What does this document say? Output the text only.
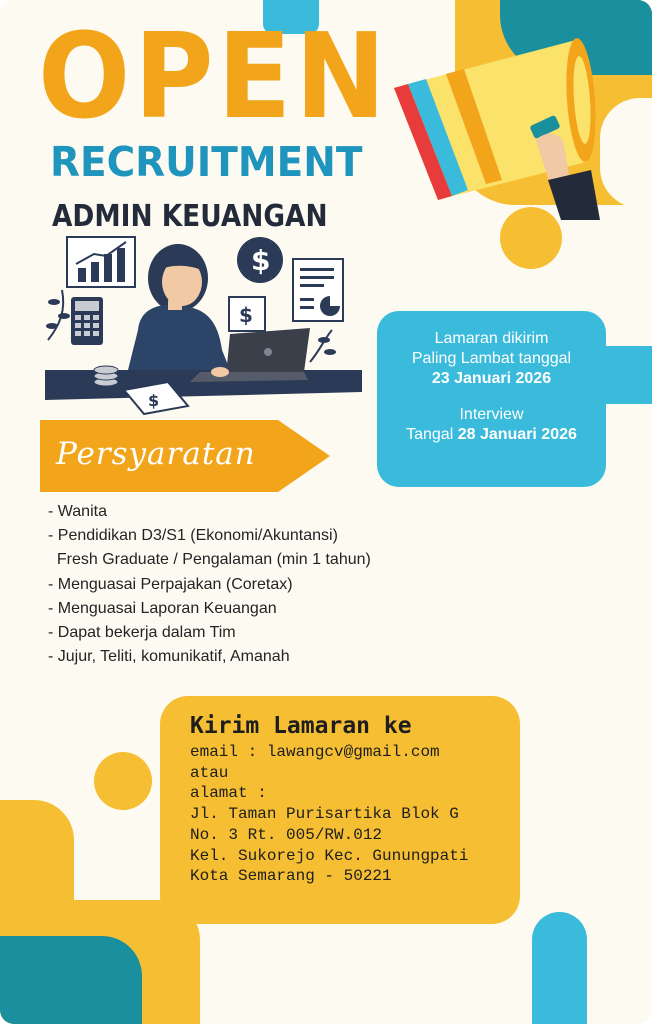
OPEN
RECRUITMENT
ADMIN KEUANGAN
$
$
$
Lamaran dikirim
Paling Lambat tanggal
23 Januari 2026
Interview
Tangal 28 Januari 2026
Persyaratan
- Wanita
- Pendidikan D3/S1 (Ekonomi/Akuntansi)
Fresh Graduate / Pengalaman (min 1 tahun)
- Menguasai Perpajakan (Coretax)
- Menguasai Laporan Keuangan
- Dapat bekerja dalam Tim
- Jujur, Teliti, komunikatif, Amanah
Kirim Lamaran ke
email : lawangcv@gmail.com
atau
alamat :
Jl. Taman Purisartika Blok G
No. 3 Rt. 005/RW.012
Kel. Sukorejo Kec. Gunungpati
Kota Semarang - 50221
